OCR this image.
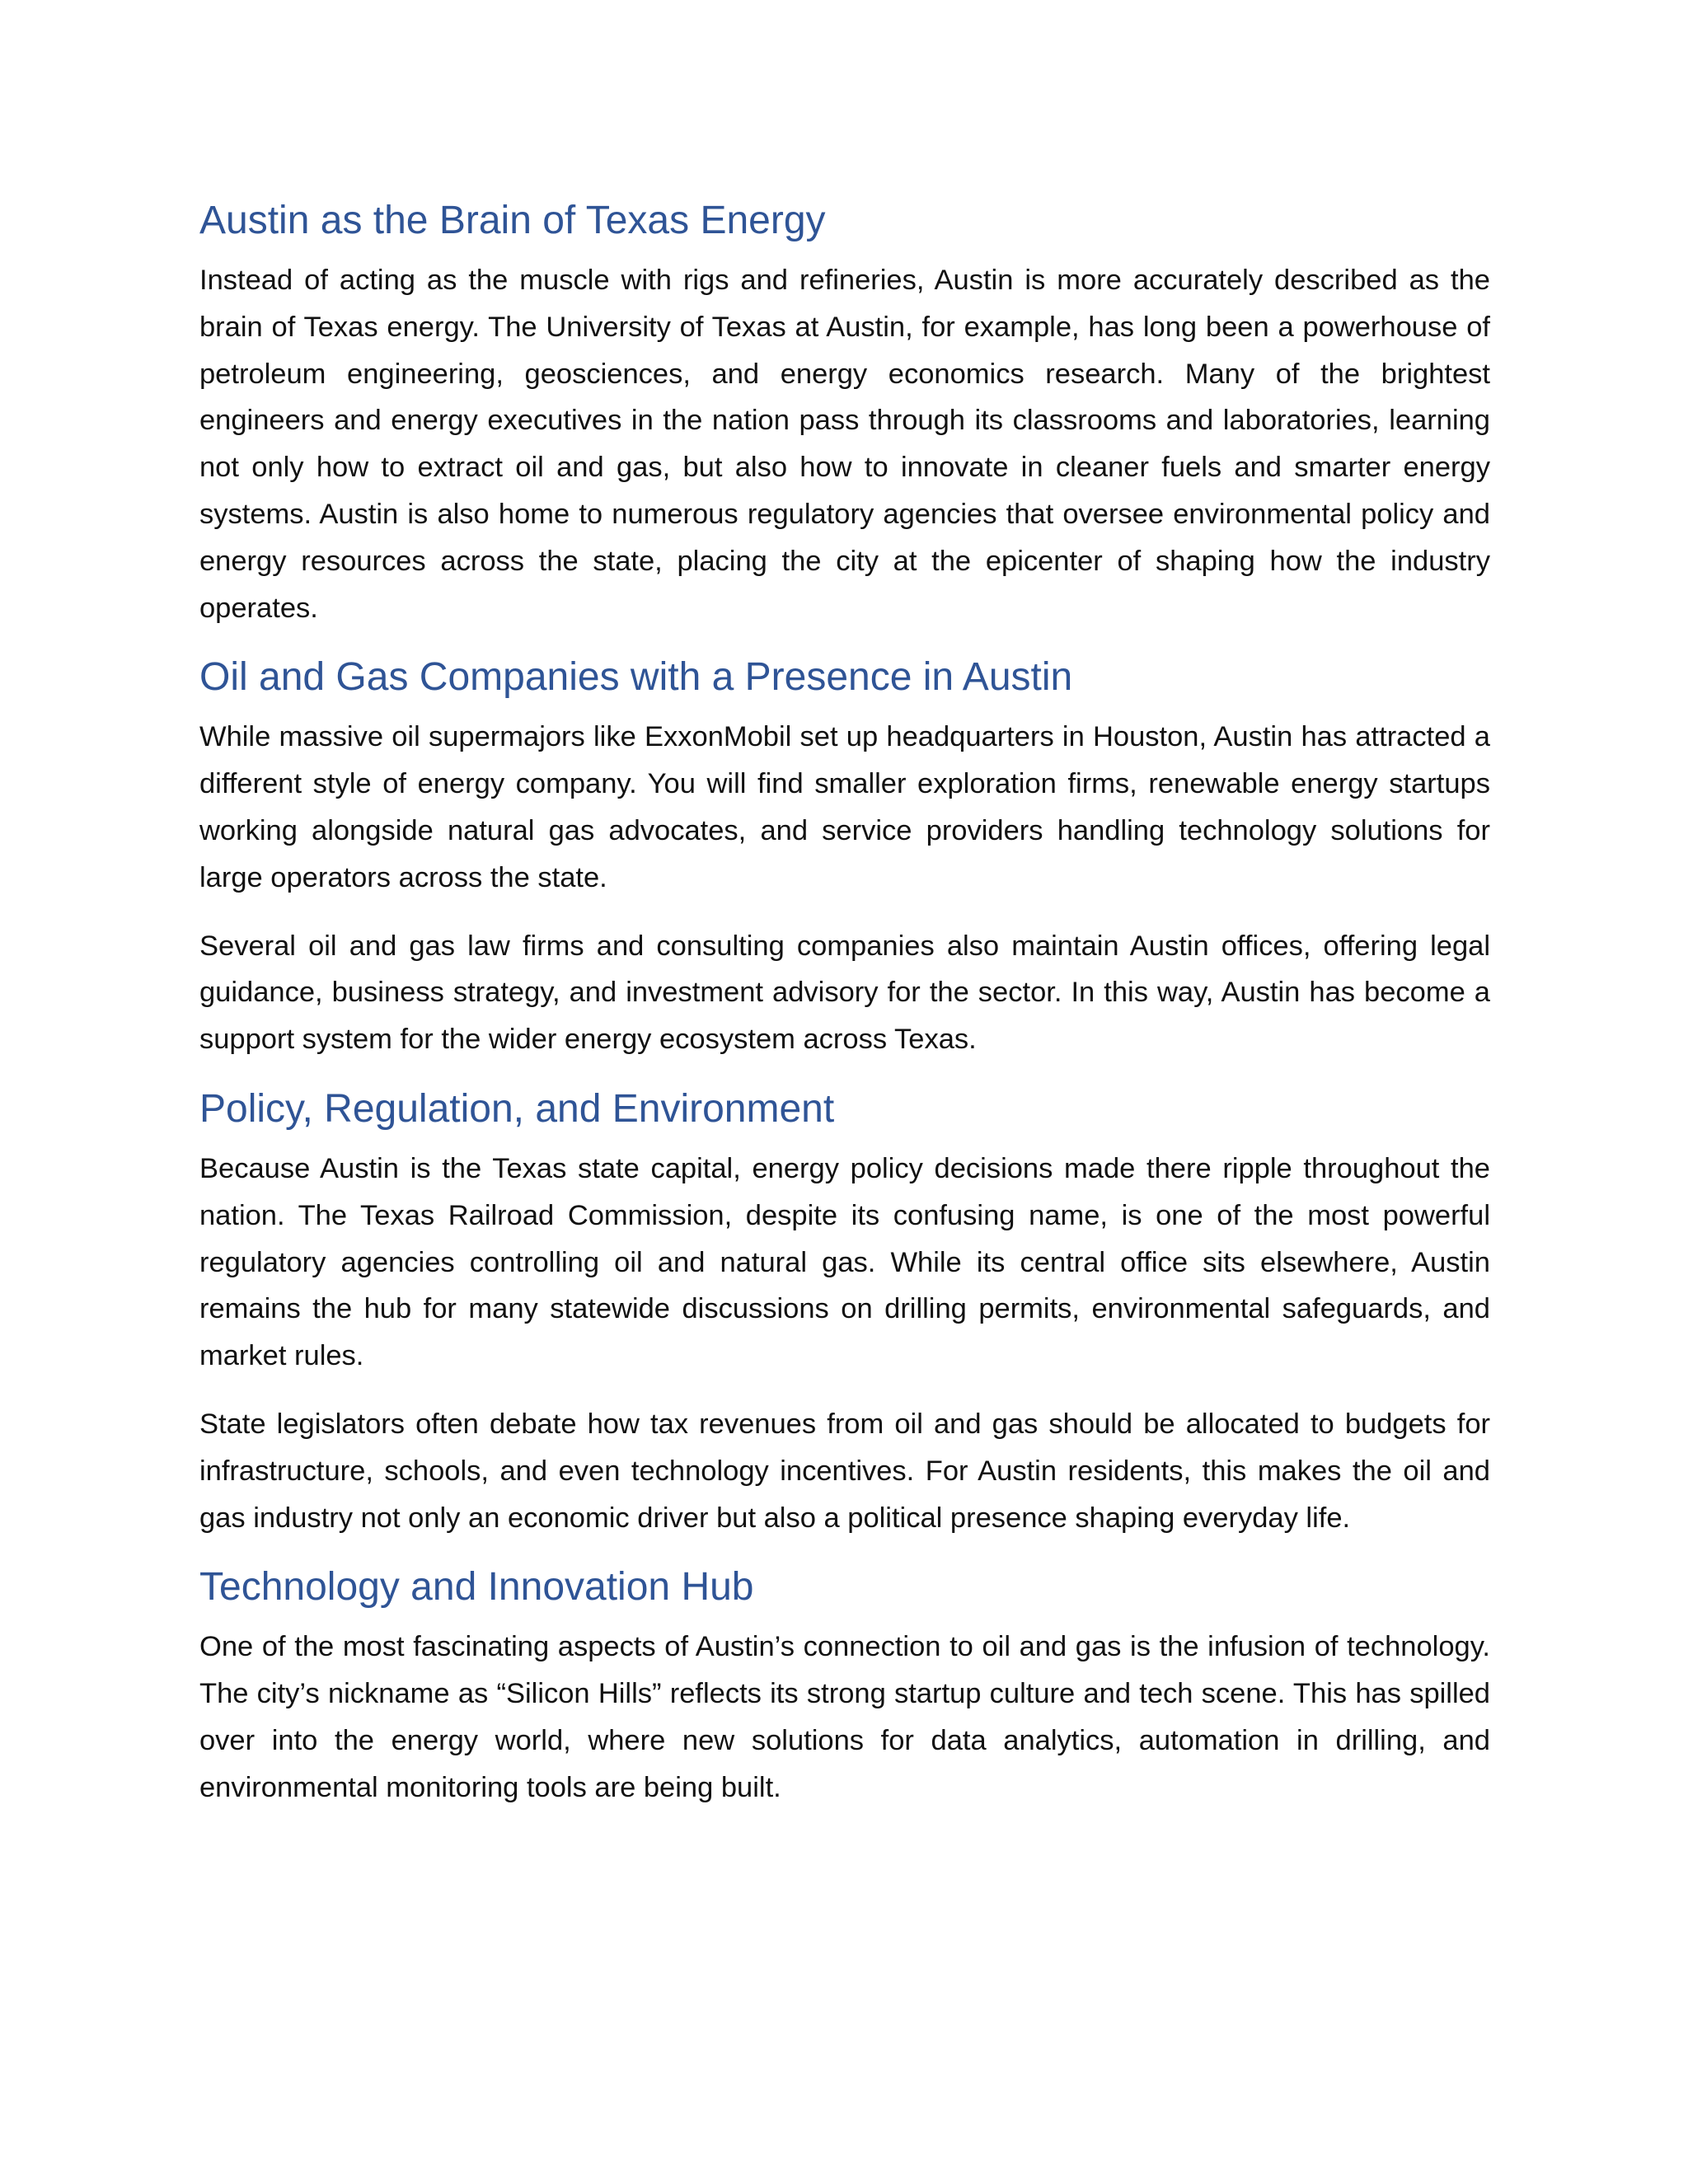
Austin as the Brain of Texas Energy

Instead of acting as the muscle with rigs and refineries, Austin is more accurately described as the brain of Texas energy. The University of Texas at Austin, for example, has long been a powerhouse of petroleum engineering, geosciences, and energy economics research. Many of the brightest engineers and energy executives in the nation pass through its classrooms and laboratories, learning not only how to extract oil and gas, but also how to innovate in cleaner fuels and smarter energy systems. Austin is also home to numerous regulatory agencies that oversee environmental policy and energy resources across the state, placing the city at the epicenter of shaping how the industry operates.

Oil and Gas Companies with a Presence in Austin

While massive oil supermajors like ExxonMobil set up headquarters in Houston, Austin has attracted a different style of energy company. You will find smaller exploration firms, renewable energy startups working alongside natural gas advocates, and service providers handling technology solutions for large operators across the state.

Several oil and gas law firms and consulting companies also maintain Austin offices, offering legal guidance, business strategy, and investment advisory for the sector. In this way, Austin has become a support system for the wider energy ecosystem across Texas.

Policy, Regulation, and Environment

Because Austin is the Texas state capital, energy policy decisions made there ripple throughout the nation. The Texas Railroad Commission, despite its confusing name, is one of the most powerful regulatory agencies controlling oil and natural gas. While its central office sits elsewhere, Austin remains the hub for many statewide discussions on drilling permits, environmental safeguards, and market rules.

State legislators often debate how tax revenues from oil and gas should be allocated to budgets for infrastructure, schools, and even technology incentives. For Austin residents, this makes the oil and gas industry not only an economic driver but also a political presence shaping everyday life.

Technology and Innovation Hub

One of the most fascinating aspects of Austin’s connection to oil and gas is the infusion of technology. The city’s nickname as “Silicon Hills” reflects its strong startup culture and tech scene. This has spilled over into the energy world, where new solutions for data analytics, automation in drilling, and environmental monitoring tools are being built.
